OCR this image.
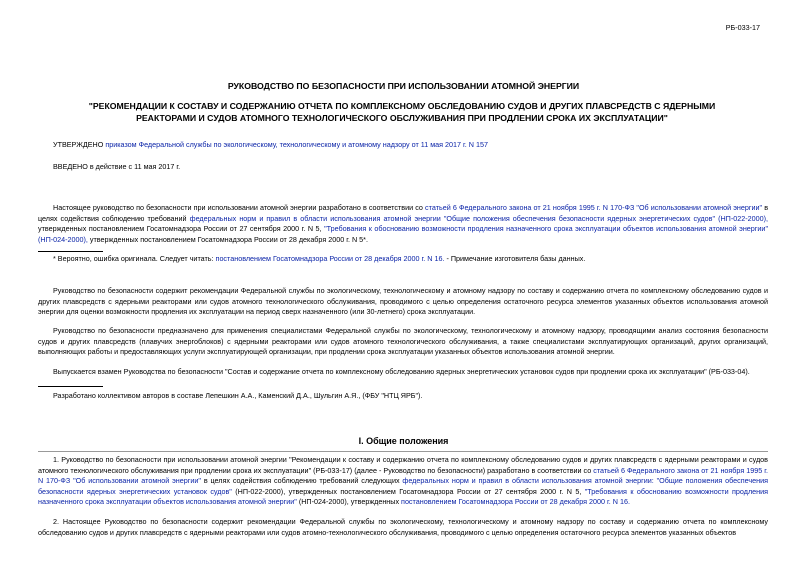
РБ-033-17
РУКОВОДСТВО ПО БЕЗОПАСНОСТИ ПРИ ИСПОЛЬЗОВАНИИ АТОМНОЙ ЭНЕРГИИ
"РЕКОМЕНДАЦИИ К СОСТАВУ И СОДЕРЖАНИЮ ОТЧЕТА ПО КОМПЛЕКСНОМУ ОБСЛЕДОВАНИЮ СУДОВ И ДРУГИХ ПЛАВСРЕДСТВ С ЯДЕРНЫМИ РЕАКТОРАМИ И СУДОВ АТОМНОГО ТЕХНОЛОГИЧЕСКОГО ОБСЛУЖИВАНИЯ ПРИ ПРОДЛЕНИИ СРОКА ИХ ЭКСПЛУАТАЦИИ"
УТВЕРЖДЕНО приказом Федеральной службы по экологическому, технологическому и атомному надзору от 11 мая 2017 г. N 157
ВВЕДЕНО в действие с 11 мая 2017 г.
Настоящее руководство по безопасности при использовании атомной энергии разработано в соответствии со статьей 6 Федерального закона от 21 ноября 1995 г. N 170-ФЗ "Об использовании атомной энергии" в целях содействия соблюдению требований федеральных норм и правил в области использования атомной энергии "Общие положения обеспечения безопасности ядерных энергетических судов" (НП-022-2000), утвержденных постановлением Госатомнадзора России от 27 сентября 2000 г. N 5, "Требования к обоснованию возможности продления назначенного срока эксплуатации объектов использования атомной энергии" (НП-024-2000), утвержденных постановлением Госатомнадзора России от 28 декабря 2000 г. N 5*.
* Вероятно, ошибка оригинала. Следует читать: постановлением Госатомнадзора России от 28 декабря 2000 г. N 16. - Примечание изготовителя базы данных.
Руководство по безопасности содержит рекомендации Федеральной службы по экологическому, технологическому и атомному надзору по составу и содержанию отчета по комплексному обследованию судов и других плавсредств с ядерными реакторами или судов атомного технологического обслуживания, проводимого с целью определения остаточного ресурса элементов указанных объектов использования атомной энергии для оценки возможности продления их эксплуатации на период сверх назначенного (или 30-летнего) срока эксплуатации.
Руководство по безопасности предназначено для применения специалистами Федеральной службы по экологическому, технологическому и атомному надзору, проводящими анализ состояния безопасности судов и других плавсредств (плавучих энергоблоков) с ядерными реакторами или судов атомного технологического обслуживания, а также специалистами эксплуатирующих организаций, других организаций, выполняющих работы и предоставляющих услуги эксплуатирующей организации, при продлении срока эксплуатации указанных объектов использования атомной энергии.
Выпускается взамен Руководства по безопасности "Состав и содержание отчета по комплексному обследованию ядерных энергетических установок судов при продлении срока их эксплуатации" (РБ-033-04).
Разработано коллективом авторов в составе Лепешкин А.А., Каменский Д.А., Шульгин А.Я., (ФБУ "НТЦ ЯРБ").
I. Общие положения
1. Руководство по безопасности при использовании атомной энергии "Рекомендации к составу и содержанию отчета по комплексному обследованию судов и других плавсредств с ядерными реакторами и судов атомного технологического обслуживания при продлении срока их эксплуатации" (РБ-033-17) (далее - Руководство по безопасности) разработано в соответствии со статьей 6 Федерального закона от 21 ноября 1995 г. N 170-ФЗ "Об использовании атомной энергии" в целях содействия соблюдению требований следующих федеральных норм и правил в области использования атомной энергии: "Общие положения обеспечения безопасности ядерных энергетических установок судов" (НП-022-2000), утвержденных постановлением Госатомнадзора России от 27 сентября 2000 г. N 5, "Требования к обоснованию возможности продления назначенного срока эксплуатации объектов использования атомной энергии" (НП-024-2000), утвержденных постановлением Госатомнадзора России от 28 декабря 2000 г. N 16.
2. Настоящее Руководство по безопасности содержит рекомендации Федеральной службы по экологическому, технологическому и атомному надзору по составу и содержанию отчета по комплексному обследованию судов и других плавсредств с ядерными реакторами или судов атомно-технологического обслуживания, проводимого с целью определения остаточного ресурса элементов указанных объектов
